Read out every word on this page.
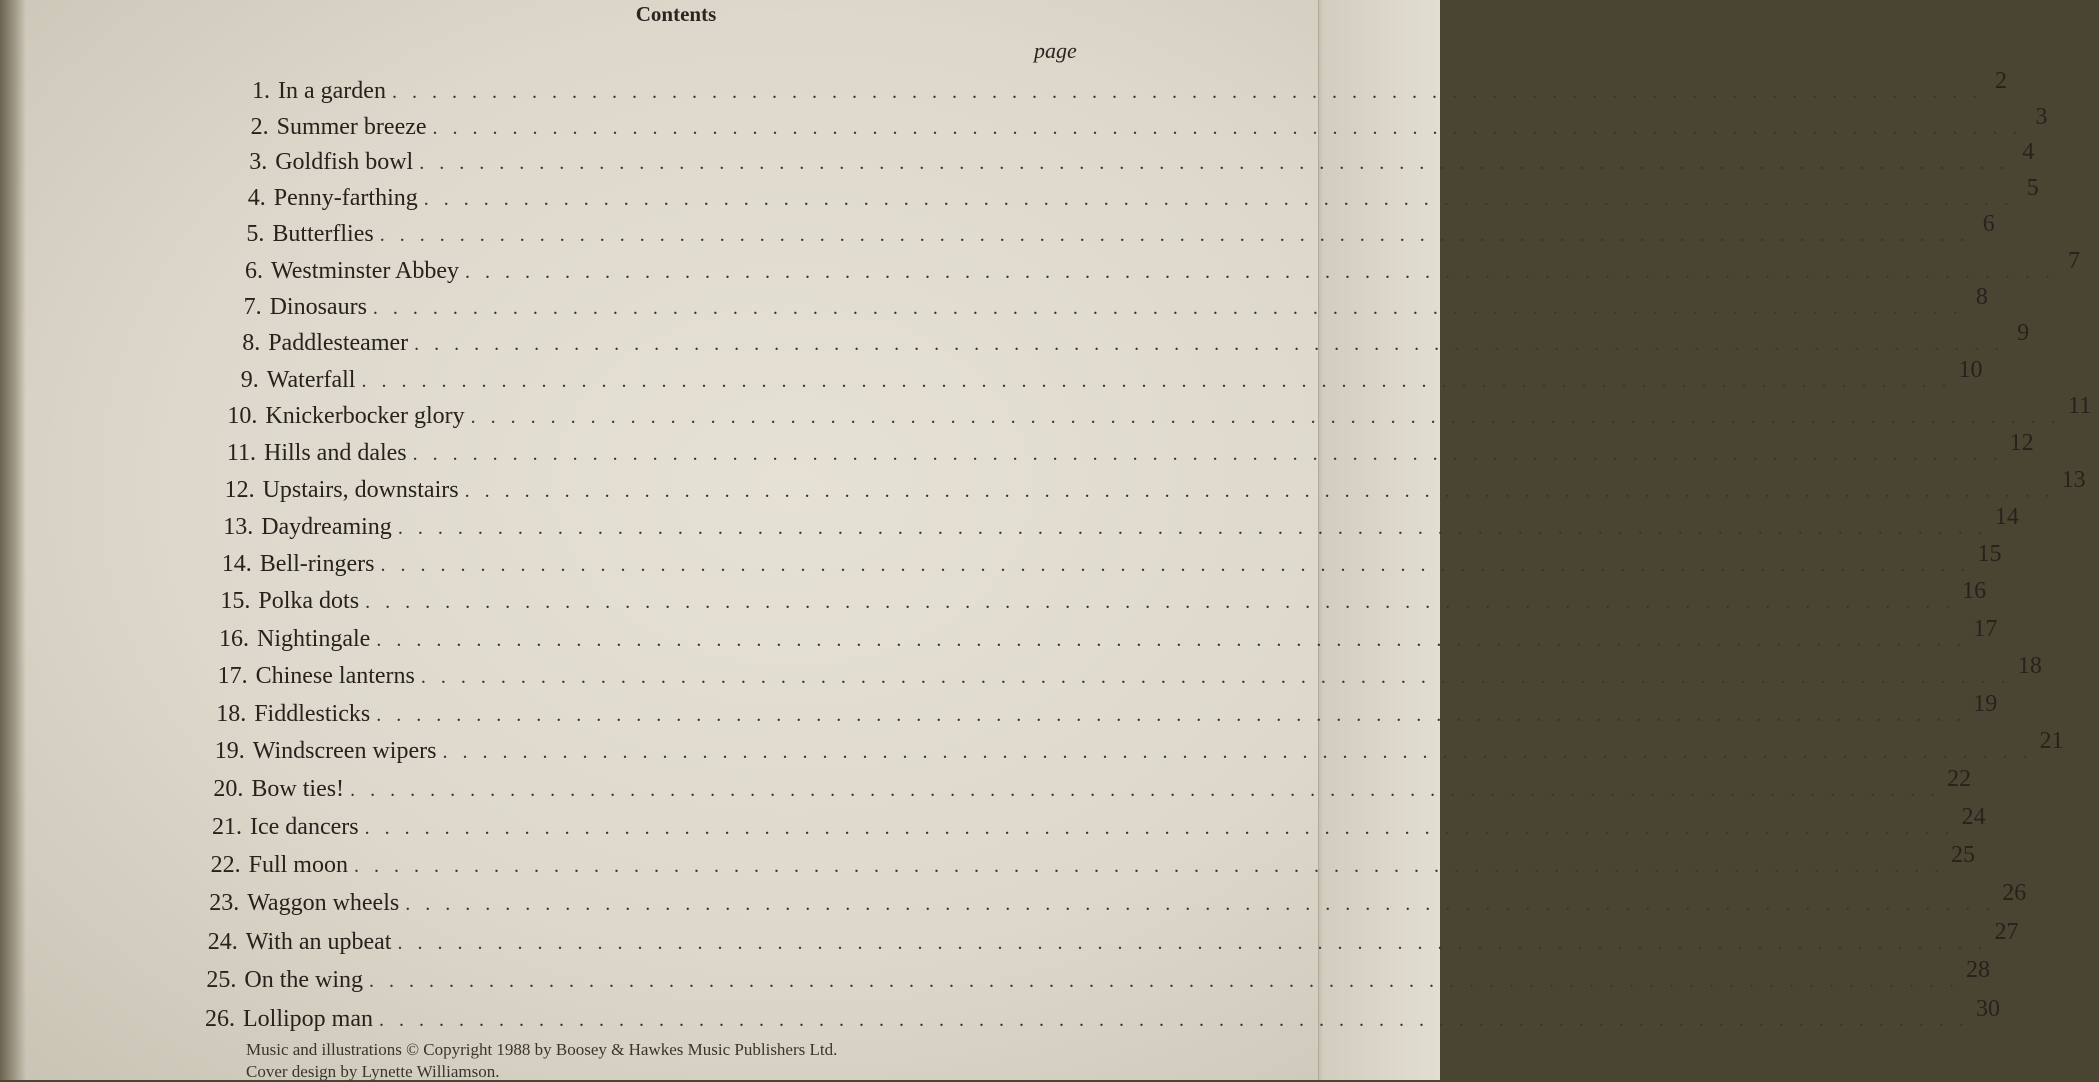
Contents
page
1. In a garden . . . . . . . . . . . . . . . . . . . . . . . . . . . . . . . . . . . . . . . . . . . . . . . . . . . . . . . . . . . . . . . . . . . . . . . . . . . . . . . . 2
2. Summer breeze . . . . . . . . . . . . . . . . . . . . . . . . . . . . . . . . . . . . . . . . . . . . . . . . . . . . . . . . . . . . . . . . . . . . . . . . . . . . . . . . 3
3. Goldfish bowl . . . . . . . . . . . . . . . . . . . . . . . . . . . . . . . . . . . . . . . . . . . . . . . . . . . . . . . . . . . . . . . . . . . . . . . . . . . . . . . . 4
4. Penny-farthing . . . . . . . . . . . . . . . . . . . . . . . . . . . . . . . . . . . . . . . . . . . . . . . . . . . . . . . . . . . . . . . . . . . . . . . . . . . . . . . . 5
5. Butterflies . . . . . . . . . . . . . . . . . . . . . . . . . . . . . . . . . . . . . . . . . . . . . . . . . . . . . . . . . . . . . . . . . . . . . . . . . . . . . . . . 6
6. Westminster Abbey . . . . . . . . . . . . . . . . . . . . . . . . . . . . . . . . . . . . . . . . . . . . . . . . . . . . . . . . . . . . . . . . . . . . . . . . . . . . . . . . 7
7. Dinosaurs . . . . . . . . . . . . . . . . . . . . . . . . . . . . . . . . . . . . . . . . . . . . . . . . . . . . . . . . . . . . . . . . . . . . . . . . . . . . . . . . 8
8. Paddlesteamer . . . . . . . . . . . . . . . . . . . . . . . . . . . . . . . . . . . . . . . . . . . . . . . . . . . . . . . . . . . . . . . . . . . . . . . . . . . . . . . . 9
9. Waterfall . . . . . . . . . . . . . . . . . . . . . . . . . . . . . . . . . . . . . . . . . . . . . . . . . . . . . . . . . . . . . . . . . . . . . . . . . . . . . . . . 10
10. Knickerbocker glory . . . . . . . . . . . . . . . . . . . . . . . . . . . . . . . . . . . . . . . . . . . . . . . . . . . . . . . . . . . . . . . . . . . . . . . . . . . . . . . . 11
11. Hills and dales . . . . . . . . . . . . . . . . . . . . . . . . . . . . . . . . . . . . . . . . . . . . . . . . . . . . . . . . . . . . . . . . . . . . . . . . . . . . . . . . 12
12. Upstairs, downstairs . . . . . . . . . . . . . . . . . . . . . . . . . . . . . . . . . . . . . . . . . . . . . . . . . . . . . . . . . . . . . . . . . . . . . . . . . . . . . . . . 13
13. Daydreaming . . . . . . . . . . . . . . . . . . . . . . . . . . . . . . . . . . . . . . . . . . . . . . . . . . . . . . . . . . . . . . . . . . . . . . . . . . . . . . . . 14
14. Bell-ringers . . . . . . . . . . . . . . . . . . . . . . . . . . . . . . . . . . . . . . . . . . . . . . . . . . . . . . . . . . . . . . . . . . . . . . . . . . . . . . . . 15
15. Polka dots . . . . . . . . . . . . . . . . . . . . . . . . . . . . . . . . . . . . . . . . . . . . . . . . . . . . . . . . . . . . . . . . . . . . . . . . . . . . . . . . 16
16. Nightingale . . . . . . . . . . . . . . . . . . . . . . . . . . . . . . . . . . . . . . . . . . . . . . . . . . . . . . . . . . . . . . . . . . . . . . . . . . . . . . . . 17
17. Chinese lanterns . . . . . . . . . . . . . . . . . . . . . . . . . . . . . . . . . . . . . . . . . . . . . . . . . . . . . . . . . . . . . . . . . . . . . . . . . . . . . . . . 18
18. Fiddlesticks . . . . . . . . . . . . . . . . . . . . . . . . . . . . . . . . . . . . . . . . . . . . . . . . . . . . . . . . . . . . . . . . . . . . . . . . . . . . . . . . 19
19. Windscreen wipers . . . . . . . . . . . . . . . . . . . . . . . . . . . . . . . . . . . . . . . . . . . . . . . . . . . . . . . . . . . . . . . . . . . . . . . . . . . . . . . . 21
20. Bow ties! . . . . . . . . . . . . . . . . . . . . . . . . . . . . . . . . . . . . . . . . . . . . . . . . . . . . . . . . . . . . . . . . . . . . . . . . . . . . . . . . 22
21. Ice dancers . . . . . . . . . . . . . . . . . . . . . . . . . . . . . . . . . . . . . . . . . . . . . . . . . . . . . . . . . . . . . . . . . . . . . . . . . . . . . . . . 24
22. Full moon . . . . . . . . . . . . . . . . . . . . . . . . . . . . . . . . . . . . . . . . . . . . . . . . . . . . . . . . . . . . . . . . . . . . . . . . . . . . . . . . 25
23. Waggon wheels . . . . . . . . . . . . . . . . . . . . . . . . . . . . . . . . . . . . . . . . . . . . . . . . . . . . . . . . . . . . . . . . . . . . . . . . . . . . . . . . 26
24. With an upbeat . . . . . . . . . . . . . . . . . . . . . . . . . . . . . . . . . . . . . . . . . . . . . . . . . . . . . . . . . . . . . . . . . . . . . . . . . . . . . . . . 27
25. On the wing . . . . . . . . . . . . . . . . . . . . . . . . . . . . . . . . . . . . . . . . . . . . . . . . . . . . . . . . . . . . . . . . . . . . . . . . . . . . . . . . 28
26. Lollipop man . . . . . . . . . . . . . . . . . . . . . . . . . . . . . . . . . . . . . . . . . . . . . . . . . . . . . . . . . . . . . . . . . . . . . . . . . . . . . . . . 30
Music and illustrations © Copyright 1988 by Boosey & Hawkes Music Publishers Ltd.
Cover design by Lynette Williamson.
